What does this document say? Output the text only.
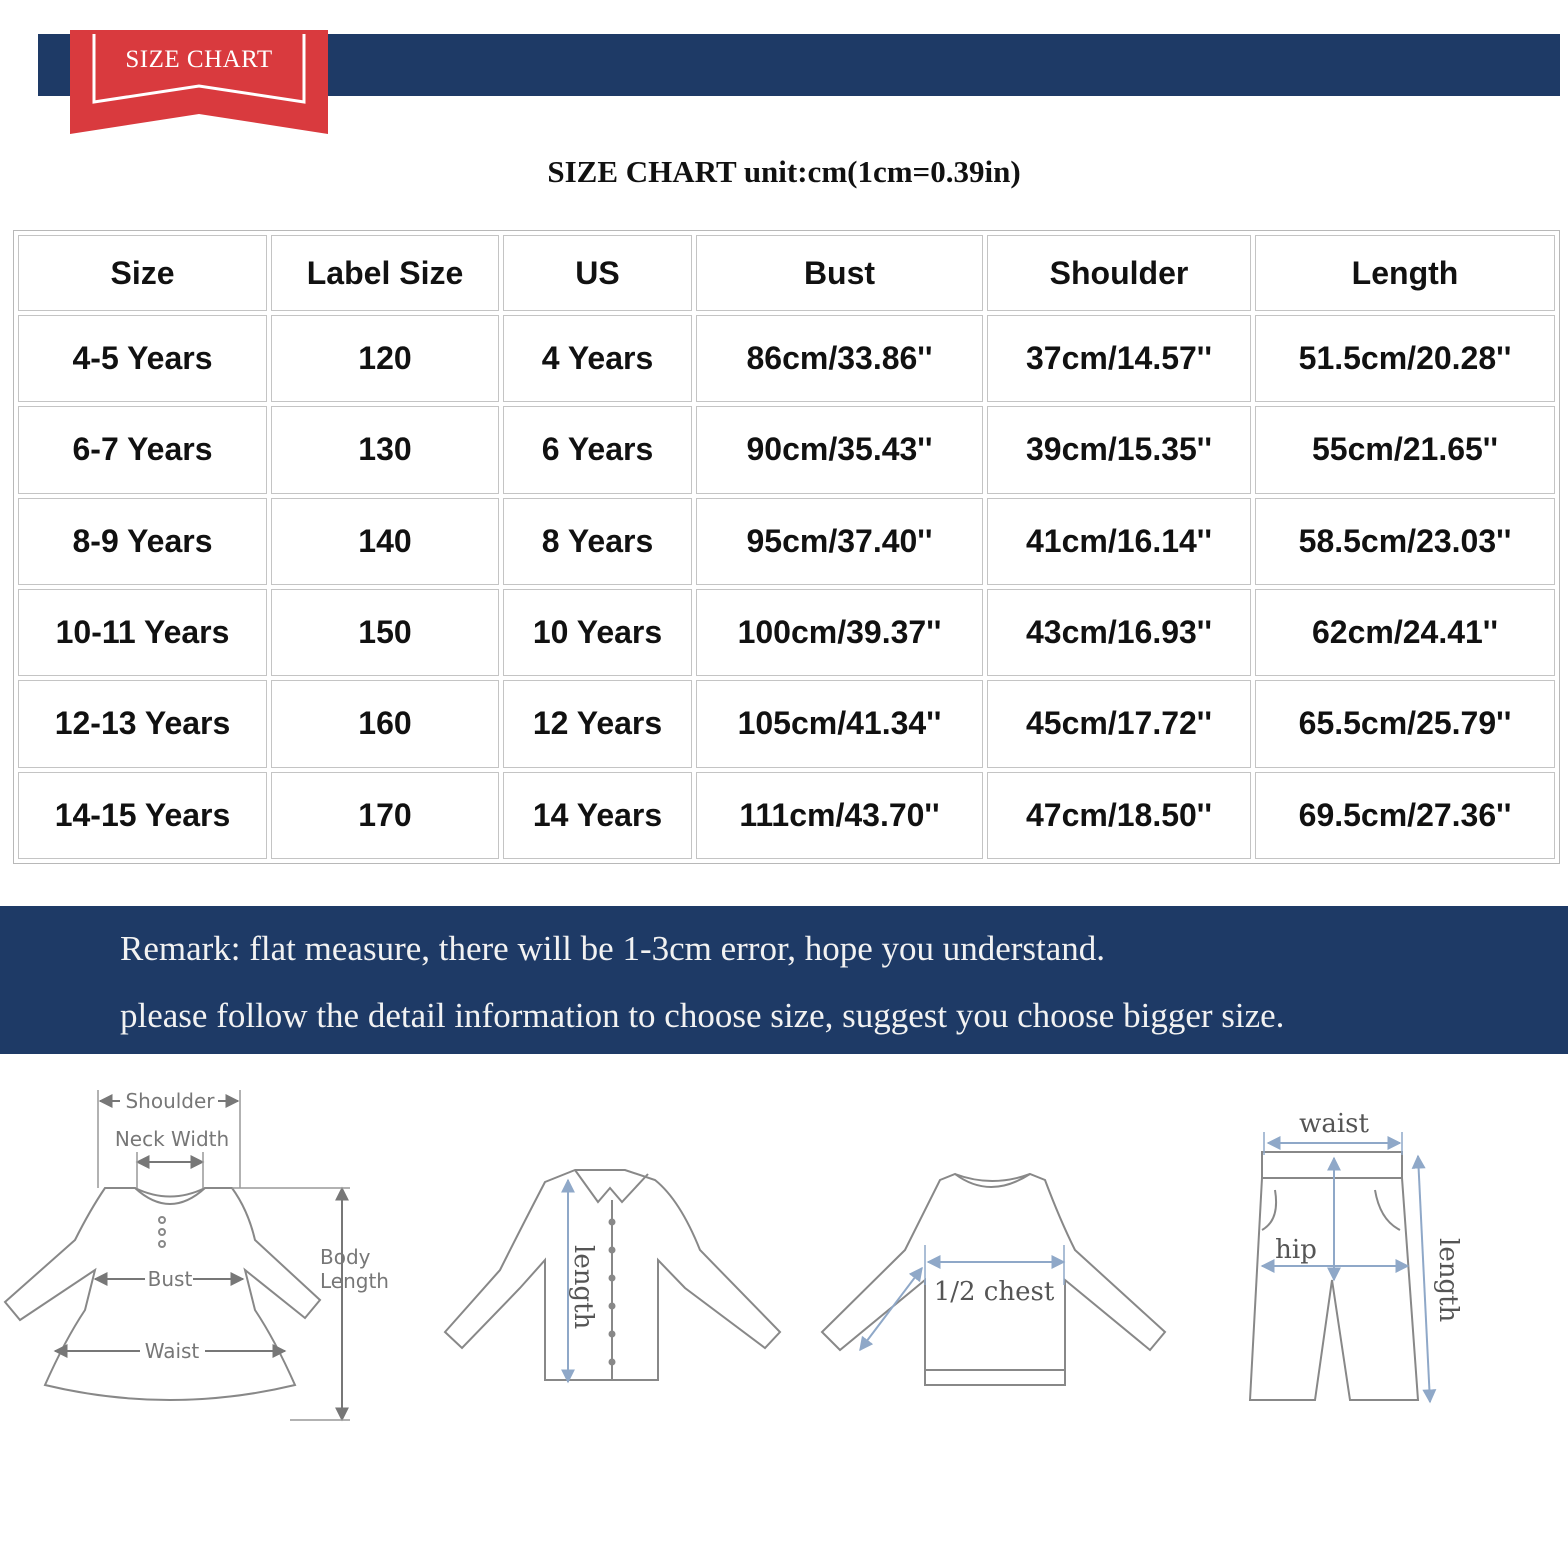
SIZE CHART
SIZE CHART unit:cm(1cm=0.39in)
Size	Label Size	US	Bust	Shoulder	Length
4-5 Years	120	4 Years	86cm/33.86''	37cm/14.57''	51.5cm/20.28''
6-7 Years	130	6 Years	90cm/35.43''	39cm/15.35''	55cm/21.65''
8-9 Years	140	8 Years	95cm/37.40''	41cm/16.14''	58.5cm/23.03''
10-11 Years	150	10 Years	100cm/39.37''	43cm/16.93''	62cm/24.41''
12-13 Years	160	12 Years	105cm/41.34''	45cm/17.72''	65.5cm/25.79''
14-15 Years	170	14 Years	111cm/43.70''	47cm/18.50''	69.5cm/27.36''
Remark: flat measure, there will be 1-3cm error, hope you understand.
please follow the detail information to choose size, suggest you choose bigger size.
Shoulder
Neck Width
Bust
Waist
Body
Length	length	1/2 chest
waist
hip	length
